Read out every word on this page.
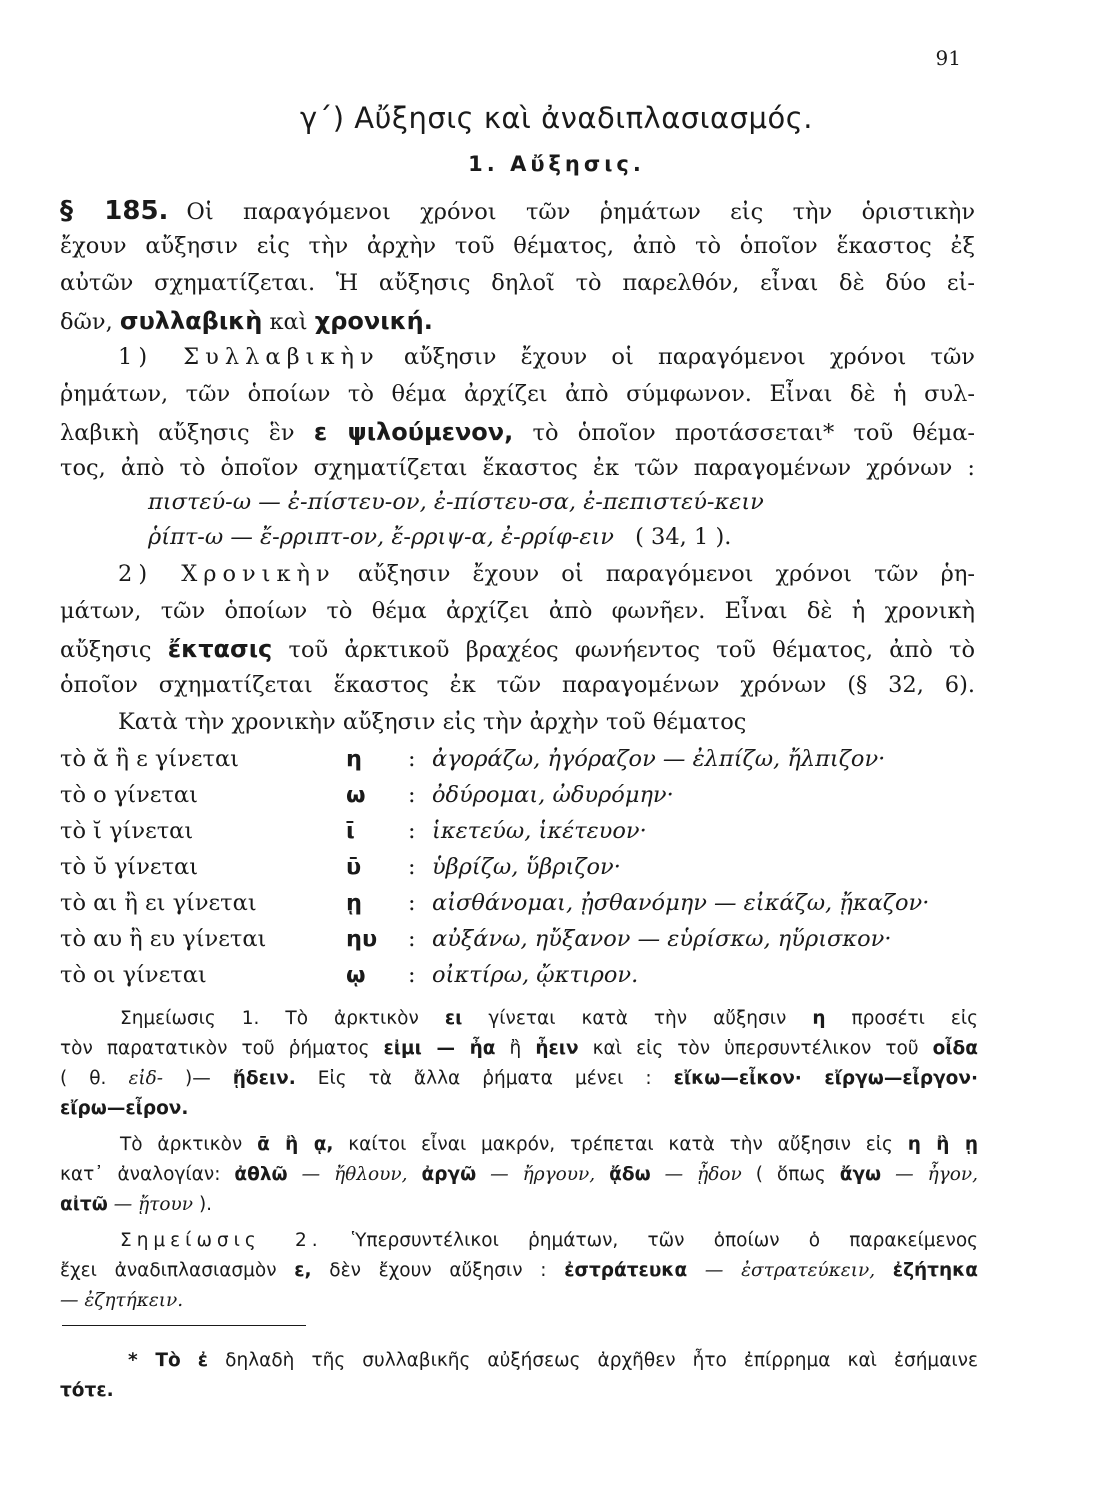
91
γ΄) Αὔξησις καὶ ἀναδιπλασιασμός.
1. Αὔξησις.
§ 185. Οἱ παραγόμενοι χρόνοι τῶν ῥημάτων εἰς τὴν ὁριστικὴν
ἔχουν αὔξησιν εἰς τὴν ἀρχὴν τοῦ θέματος, ἀπὸ τὸ ὁποῖον ἕκαστος ἐξ
αὐτῶν σχηματίζεται. Ἡ αὔξησις δηλοῖ τὸ παρελθόν, εἶναι δὲ δύο εἰ-
δῶν, συλλαβικὴ καὶ χρονική.
1) Συλλαβικὴν αὔξησιν ἔχουν οἱ παραγόμενοι χρόνοι τῶν
ῥημάτων, τῶν ὁποίων τὸ θέμα ἀρχίζει ἀπὸ σύμφωνον. Εἶναι δὲ ἡ συλ-
λαβικὴ αὔξησις ἓν ε ψιλούμενον, τὸ ὁποῖον προτάσσεται* τοῦ θέμα-
τος, ἀπὸ τὸ ὁποῖον σχηματίζεται ἕκαστος ἐκ τῶν παραγομένων χρόνων :
πιστεύ-ω — ἐ-πίστευ-ον, ἐ-πίστευ-σα, ἐ-πεπιστεύ-κειν
ῥίπτ-ω — ἔ-ρριπτ-ον, ἔ-ρριψ-α, ἐ-ρρίφ-ειν ( 34, 1 ).
2) Χρονικὴν αὔξησιν ἔχουν οἱ παραγόμενοι χρόνοι τῶν ῥη-
μάτων, τῶν ὁποίων τὸ θέμα ἀρχίζει ἀπὸ φωνῆεν. Εἶναι δὲ ἡ χρονικὴ
αὔξησις ἔκτασις τοῦ ἀρκτικοῦ βραχέος φωνήεντος τοῦ θέματος, ἀπὸ τὸ
ὁποῖον σχηματίζεται ἕκαστος ἐκ τῶν παραγομένων χρόνων (§ 32, 6).
Κατὰ τὴν χρονικὴν αὔξησιν εἰς τὴν ἀρχὴν τοῦ θέματος
τὸ ᾰ ἢ ε γίνεται	η : ἀγοράζω, ἠγόραζον — ἐλπίζω, ἤλπιζον·
τὸ ο γίνεται	ω : ὀδύρομαι, ὠδυρόμην·
τὸ ῐ γίνεται	ῑ : ἱκετεύω, ἱκέτευον·
τὸ ῠ γίνεται	ῡ : ὑβρίζω, ὕβριζον·
τὸ αι ἢ ει γίνεται	ῃ : αἰσθάνομαι, ᾐσθανόμην — εἰκάζω, ᾔκαζον·
τὸ αυ ἢ ευ γίνεται	ηυ : αὐξάνω, ηὔξανον — εὑρίσκω, ηὕρισκον·
τὸ οι γίνεται	ῳ : οἰκτίρω, ᾤκτιρον.
Σημείωσις 1. Τὸ ἀρκτικὸν ει γίνεται κατὰ τὴν αὔξησιν η προσέτι εἰς
τὸν παρατατικὸν τοῦ ῥήματος εἰμι — ἦα ἢ ἦειν καὶ εἰς τὸν ὑπερσυντέλικον τοῦ οἶδα
( θ. εἰδ- )— ᾔδειν. Εἰς τὰ ἄλλα ῥήματα μένει : εἴκω—εἶκον· εἴργω—εἶργον·
εἴρω—εἶρον.
Τὸ ἀρκτικὸν ᾱ ἢ ᾳ, καίτοι εἶναι μακρόν, τρέπεται κατὰ τὴν αὔξησιν εἰς η ἢ ῃ
κατ᾿ ἀναλογίαν: ἀθλῶ — ἤθλουν, ἀργῶ — ἤργουν, ᾄδω — ᾖδον ( ὅπως ἄγω — ἦγον,
αἰτῶ — ᾔτουν ).
Σημείωσις 2. Ὑπερσυντέλικοι ῥημάτων, τῶν ὁποίων ὁ παρακείμενος
ἔχει ἀναδιπλασιασμὸν ε, δὲν ἔχουν αὔξησιν : ἐστράτευκα — ἐστρατεύκειν, ἐζήτηκα
— ἐζητήκειν.
* Τὸ ἐ δηλαδὴ τῆς συλλαβικῆς αὐξήσεως ἀρχῆθεν ἦτο ἐπίρρημα καὶ ἐσήμαινε
τότε.
